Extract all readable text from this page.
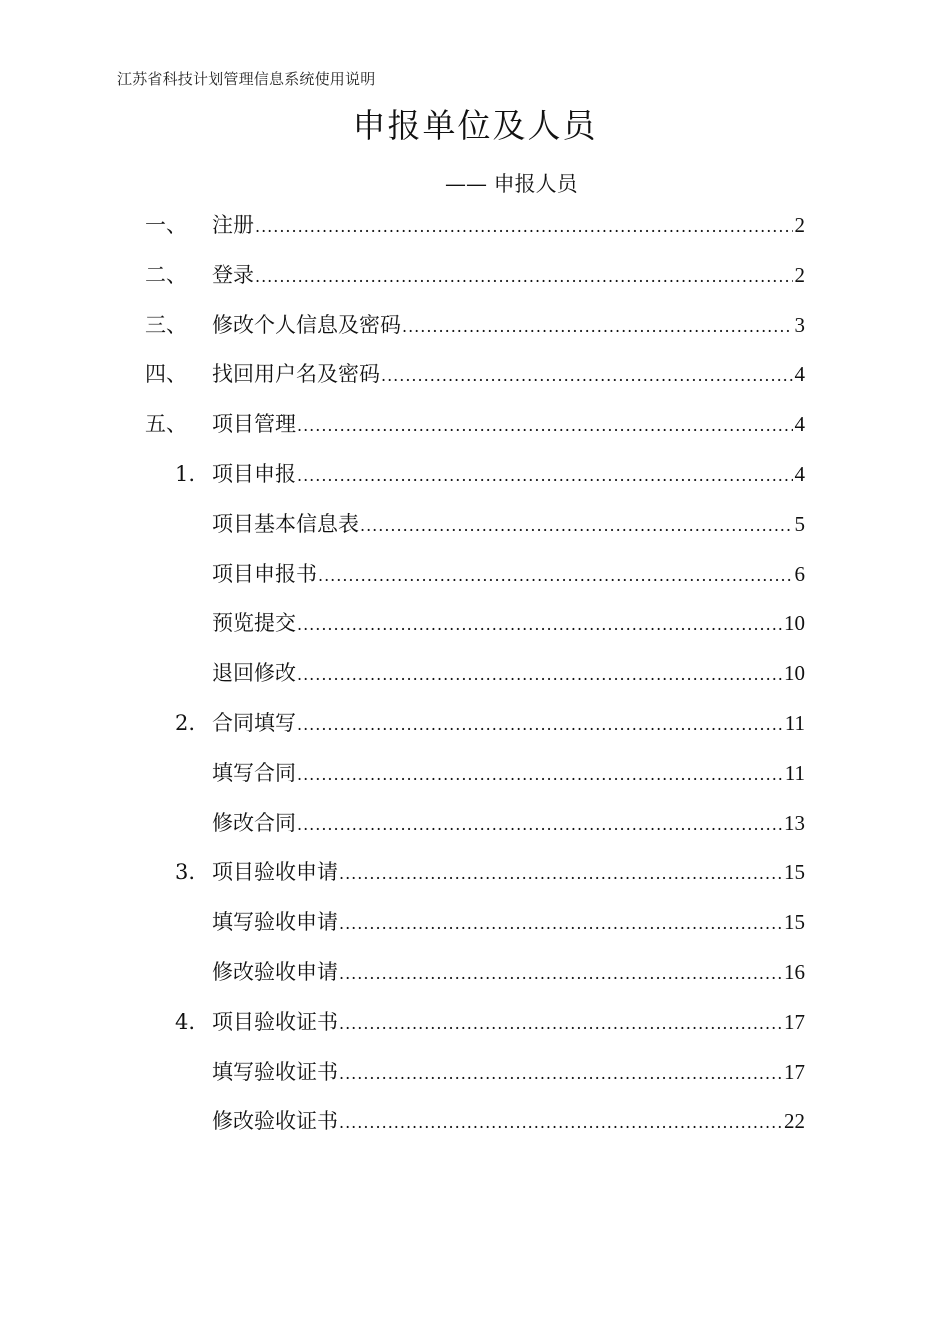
江苏省科技计划管理信息系统使用说明
申报单位及人员
—— 申报人员
一、 注册 .....	2
二、 登录 .....	2
三、 修改个人信息及密码 .....	3
四、 找回用户名及密码 .....	4
五、 项目管理 .....	4
1. 项目申报 .....	4
项目基本信息表 .....	5
项目申报书 .....	6
预览提交 .....	10
退回修改 .....	10
2. 合同填写 .....	11
填写合同 .....	11
修改合同 .....	13
3. 项目验收申请 .....	15
填写验收申请 .....	15
修改验收申请 .....	16
4. 项目验收证书 .....	17
填写验收证书 .....	17
修改验收证书 .....	22
